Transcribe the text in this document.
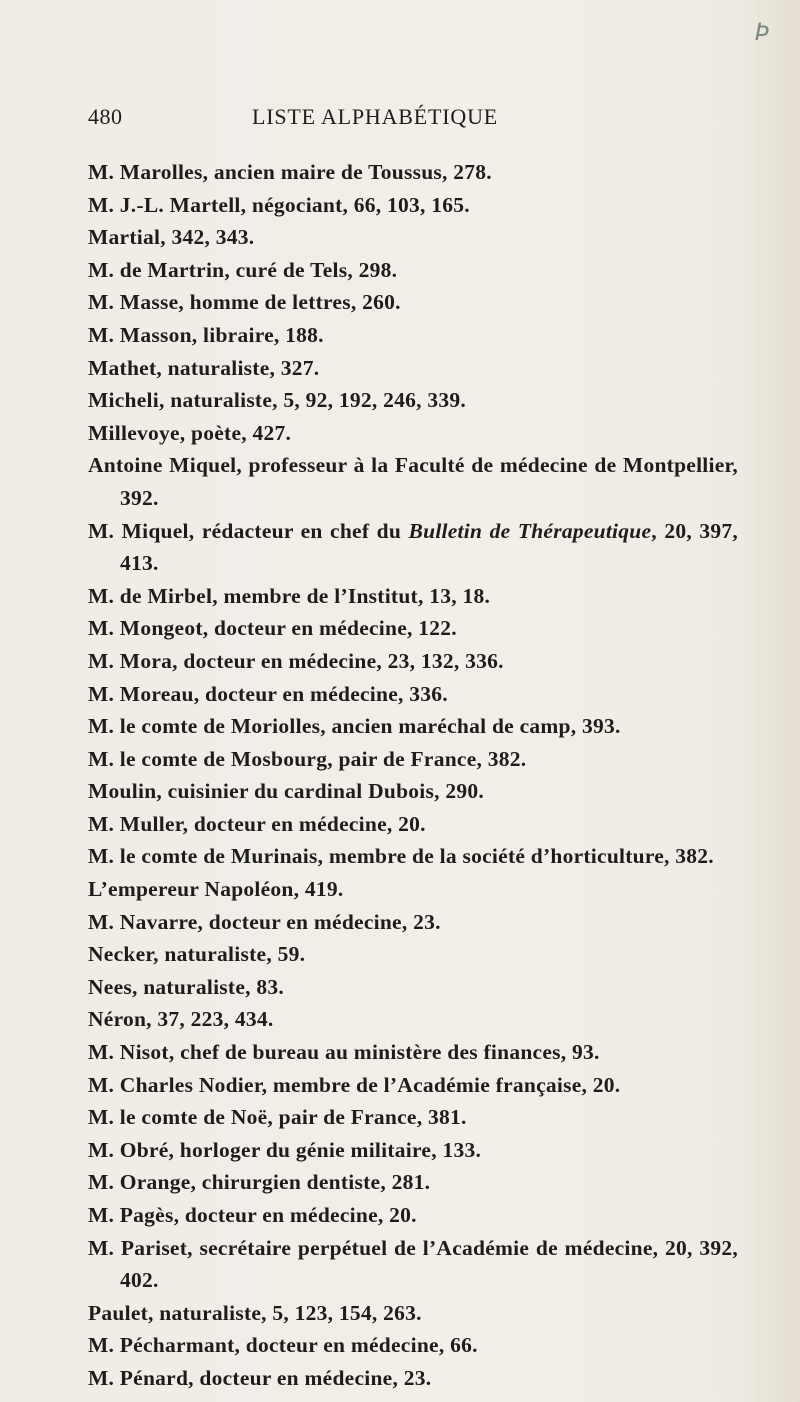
Þ
480	LISTE ALPHABÉTIQUE
M. Marolles, ancien maire de Toussus, 278.
M. J.-L. Martell, négociant, 66, 103, 165.
Martial, 342, 343.
M. de Martrin, curé de Tels, 298.
M. Masse, homme de lettres, 260.
M. Masson, libraire, 188.
Mathet, naturaliste, 327.
Micheli, naturaliste, 5, 92, 192, 246, 339.
Millevoye, poète, 427.
Antoine Miquel, professeur à la Faculté de médecine de Montpellier, 392.
M. Miquel, rédacteur en chef du Bulletin de Thérapeutique, 20, 397, 413.
M. de Mirbel, membre de l’Institut, 13, 18.
M. Mongeot, docteur en médecine, 122.
M. Mora, docteur en médecine, 23, 132, 336.
M. Moreau, docteur en médecine, 336.
M. le comte de Moriolles, ancien maréchal de camp, 393.
M. le comte de Mosbourg, pair de France, 382.
Moulin, cuisinier du cardinal Dubois, 290.
M. Muller, docteur en médecine, 20.
M. le comte de Murinais, membre de la société d’horticulture, 382.
L’empereur Napoléon, 419.
M. Navarre, docteur en médecine, 23.
Necker, naturaliste, 59.
Nees, naturaliste, 83.
Néron, 37, 223, 434.
M. Nisot, chef de bureau au ministère des finances, 93.
M. Charles Nodier, membre de l’Académie française, 20.
M. le comte de Noë, pair de France, 381.
M. Obré, horloger du génie militaire, 133.
M. Orange, chirurgien dentiste, 281.
M. Pagès, docteur en médecine, 20.
M. Pariset, secrétaire perpétuel de l’Académie de médecine, 20, 392, 402.
Paulet, naturaliste, 5, 123, 154, 263.
M. Pécharmant, docteur en médecine, 66.
M. Pénard, docteur en médecine, 23.
